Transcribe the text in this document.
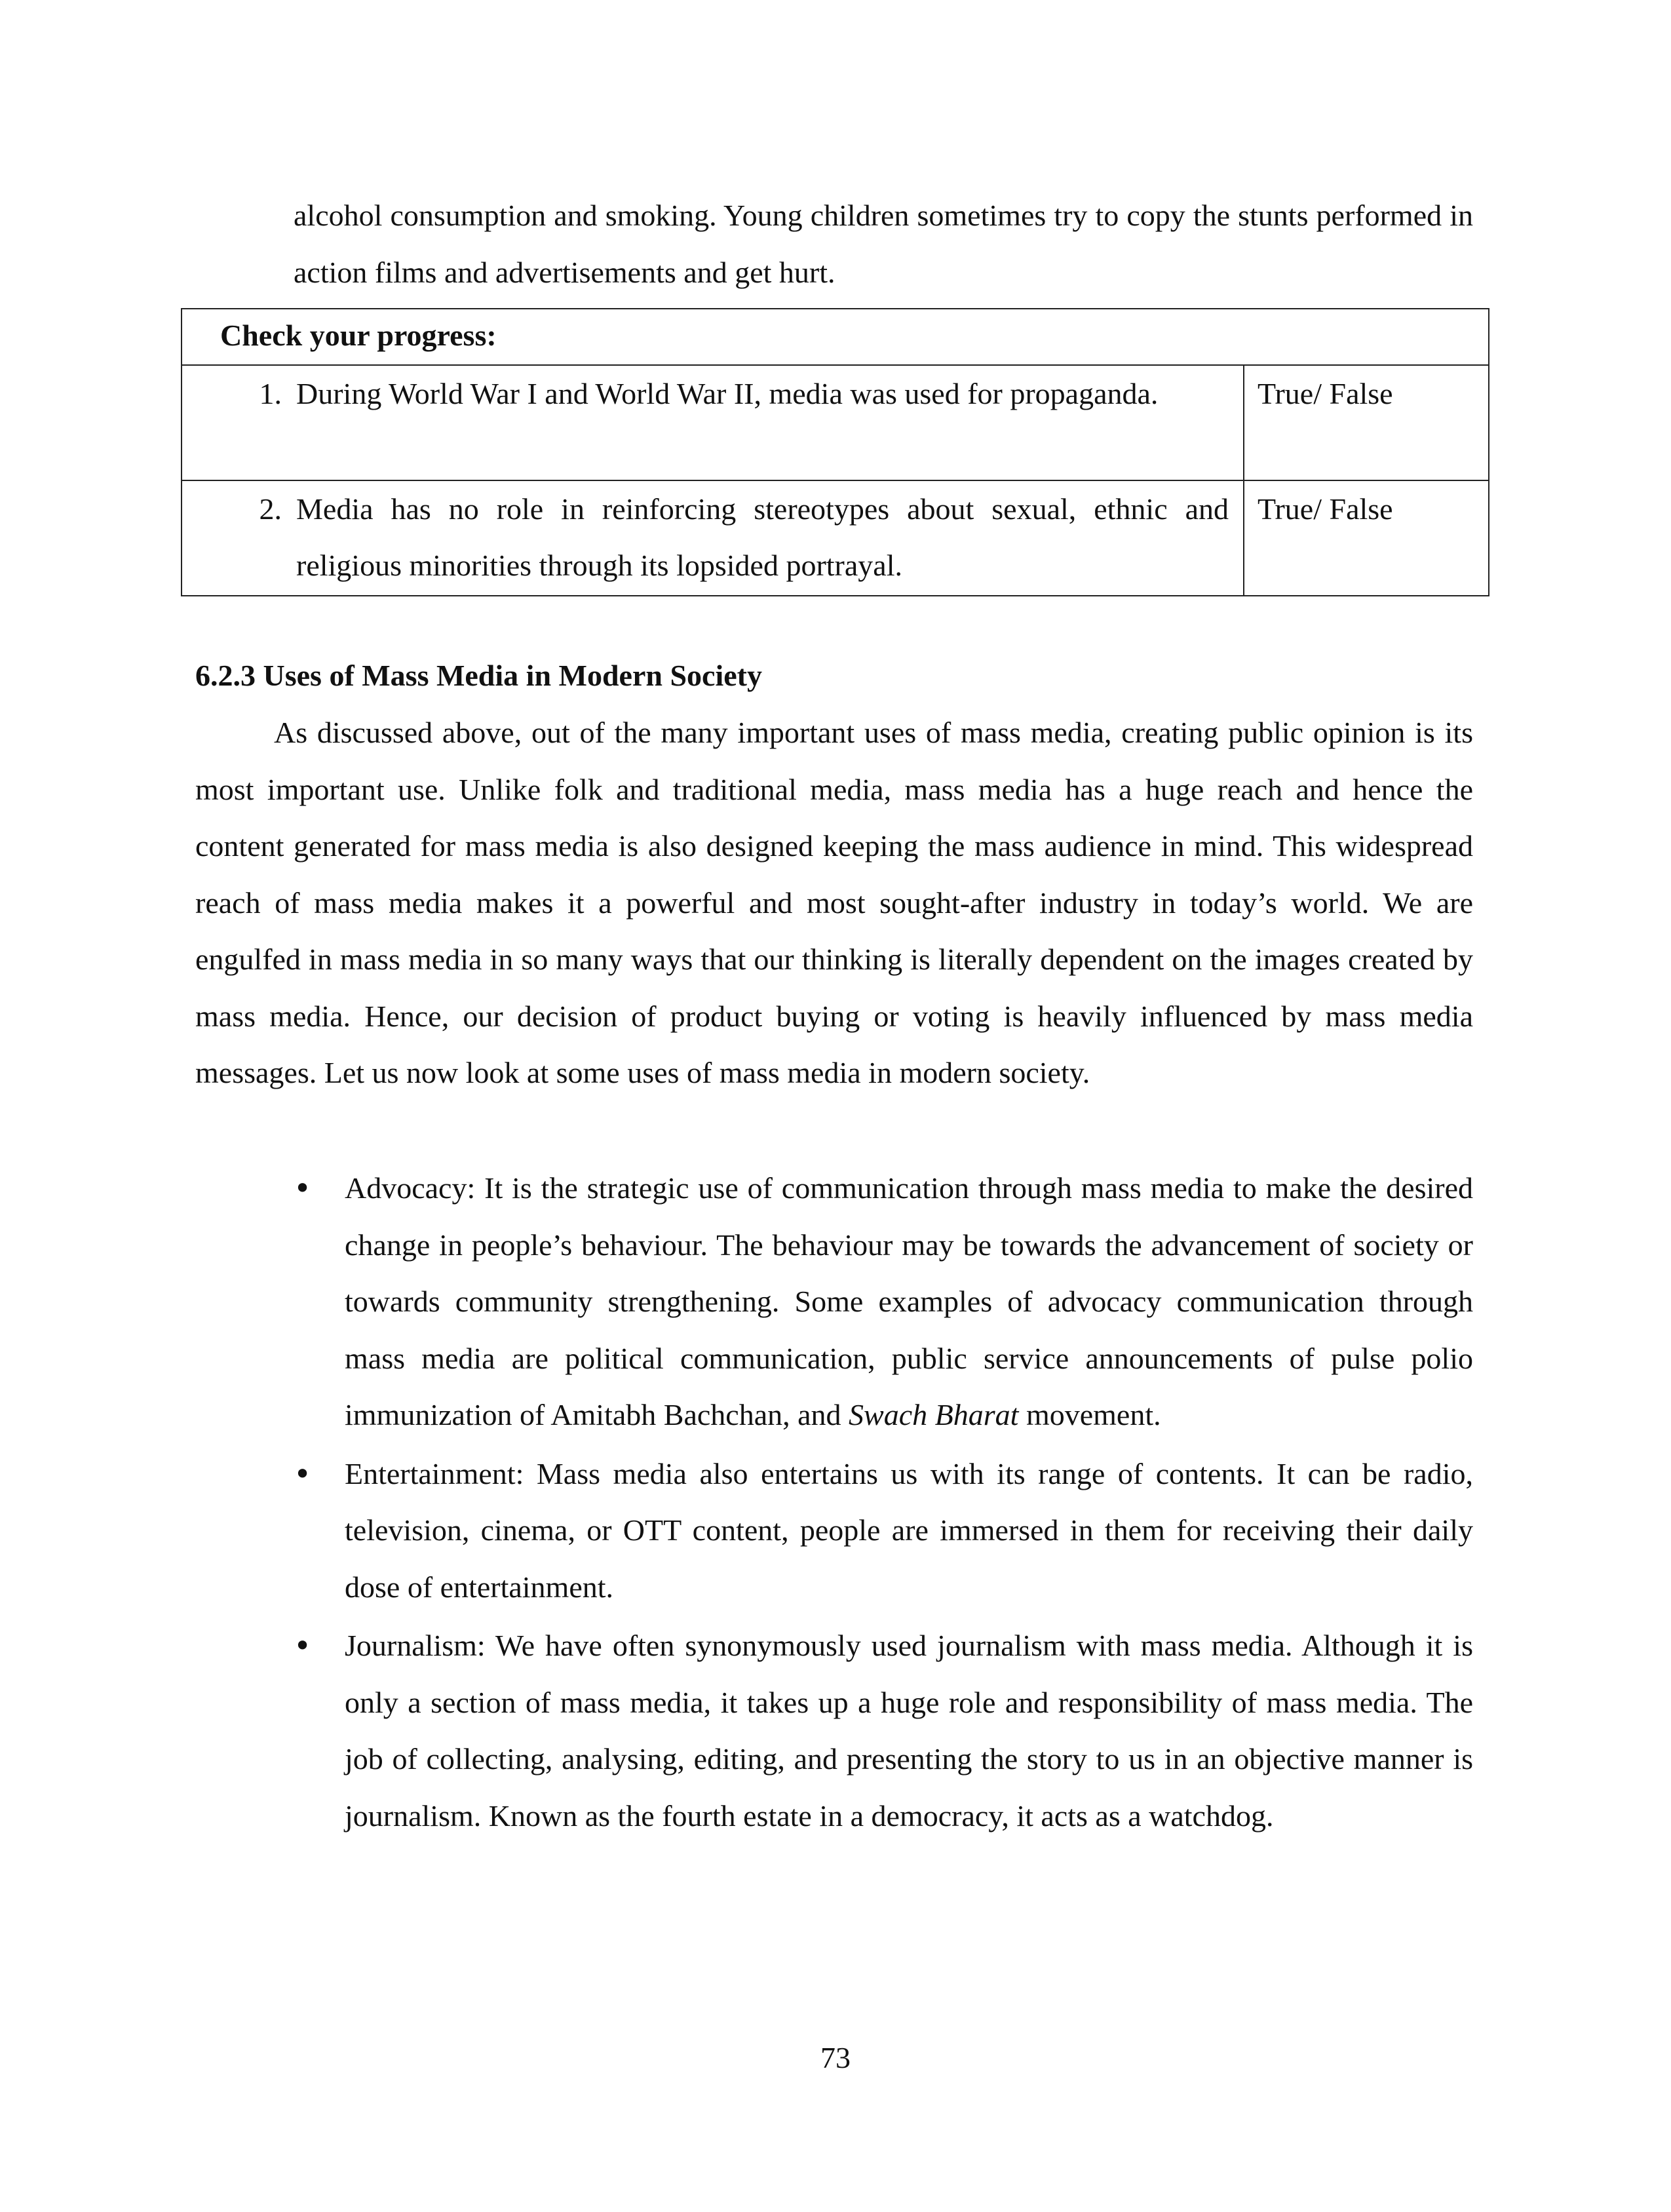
alcohol consumption and smoking. Young children sometimes try to copy the stunts performed in action films and advertisements and get hurt.

Check your progress:	

1. During World War I and World War II, media was used for propaganda.	True/ False

2. Media has no role in reinforcing stereotypes about sexual, ethnic and religious minorities through its lopsided portrayal.	True/ False
6.2.3 Uses of Mass Media in Modern Society

As discussed above, out of the many important uses of mass media, creating public opinion is its most important use. Unlike folk and traditional media, mass media has a huge reach and hence the content generated for mass media is also designed keeping the mass audience in mind. This widespread reach of mass media makes it a powerful and most sought-after industry in today’s world. We are engulfed in mass media in so many ways that our thinking is literally dependent on the images created by mass media. Hence, our decision of product buying or voting is heavily influenced by mass media messages. Let us now look at some uses of mass media in modern society.

• Advocacy: It is the strategic use of communication through mass media to make the desired change in people’s behaviour. The behaviour may be towards the advancement of society or towards community strengthening. Some examples of advocacy communication through mass media are political communication, public service announcements of pulse polio immunization of Amitabh Bachchan, and Swach Bharat movement.

• Entertainment: Mass media also entertains us with its range of contents. It can be radio, television, cinema, or OTT content, people are immersed in them for receiving their daily dose of entertainment.

• Journalism: We have often synonymously used journalism with mass media. Although it is only a section of mass media, it takes up a huge role and responsibility of mass media. The job of collecting, analysing, editing, and presenting the story to us in an objective manner is journalism. Known as the fourth estate in a democracy, it acts as a watchdog.

73
